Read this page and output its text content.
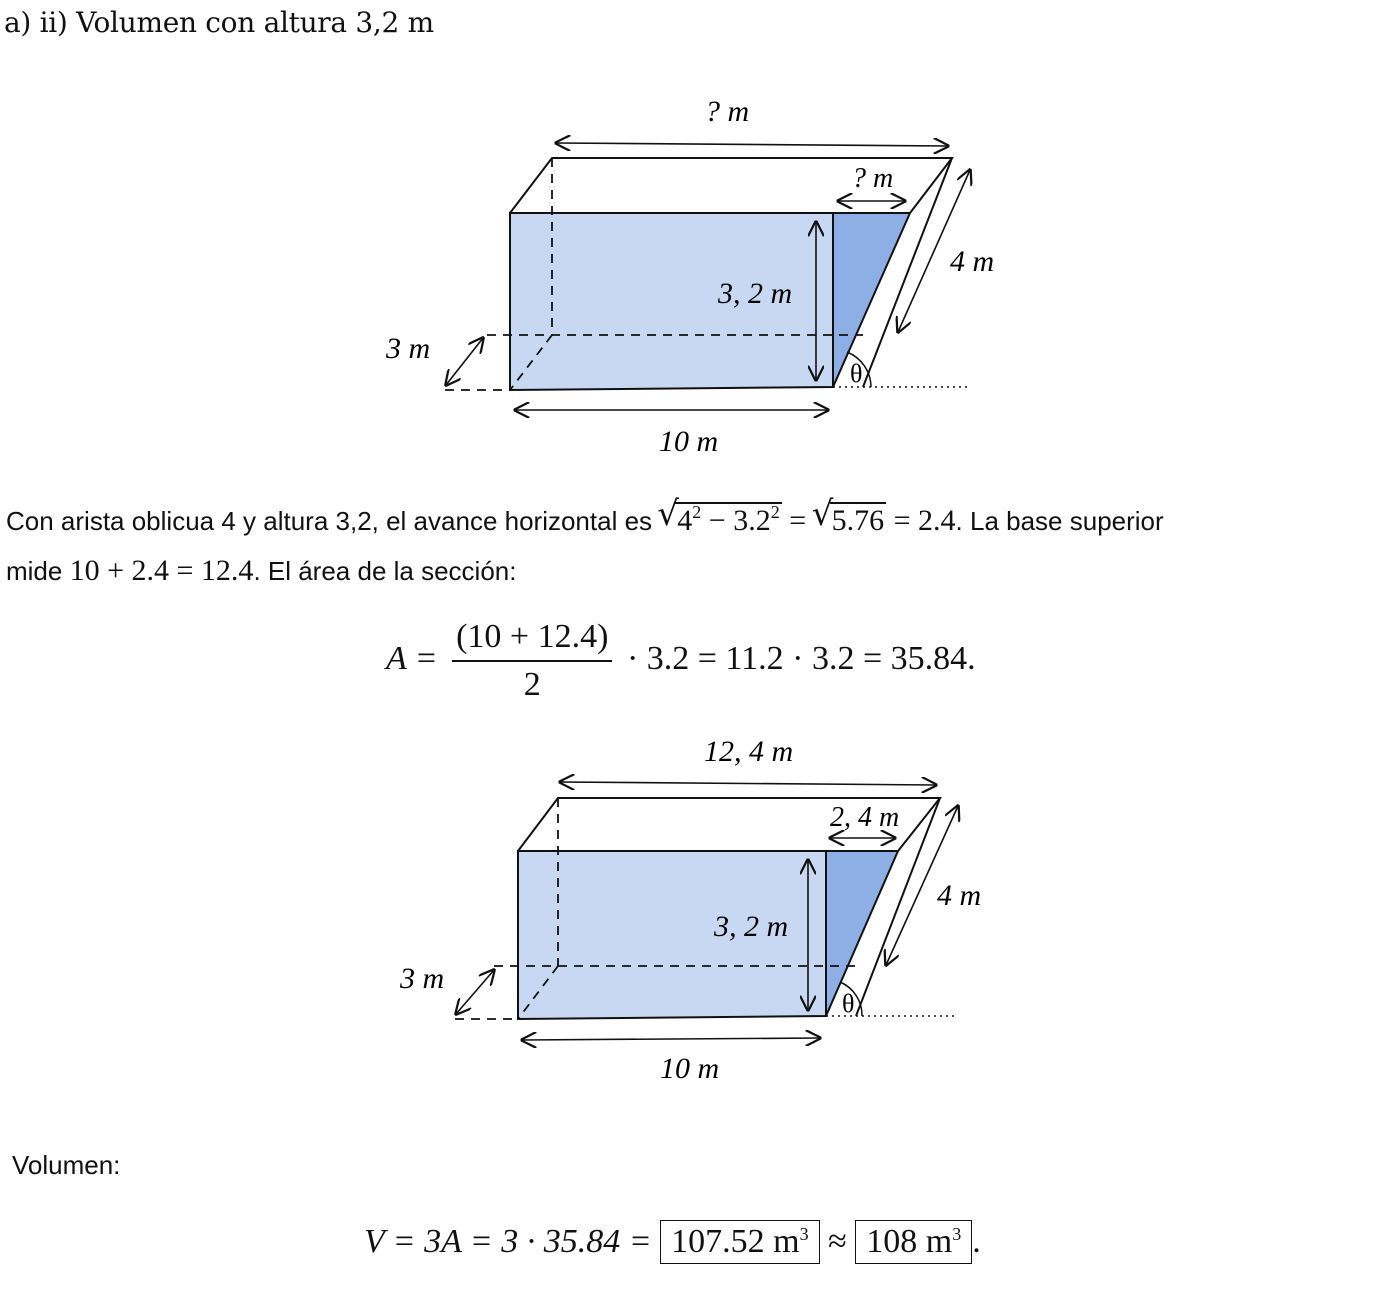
a) ii) Volumen con altura 3,2 m
? m
? m
3, 2 m
4 m
3 m
10 m
θ
Con arista oblicua 4 y altura 3,2, el avance horizontal es √ $4^2 - 3.2^2$ = √ 5.76 = 2.4. La base superior
mide 10 + 2.4 = 12.4. El área de la sección:
$A = \frac{(10 + 12.4)}{2} \cdot 3.2 = 11.2 \cdot 3.2 = 35.84$.
12, 4 m
2, 4 m
3, 2 m
4 m
3 m
10 m
θ
Volumen:
V = 3A = 3 · 35.84 = 107.52 $m^3 \approx 108$ $m^3$ .
